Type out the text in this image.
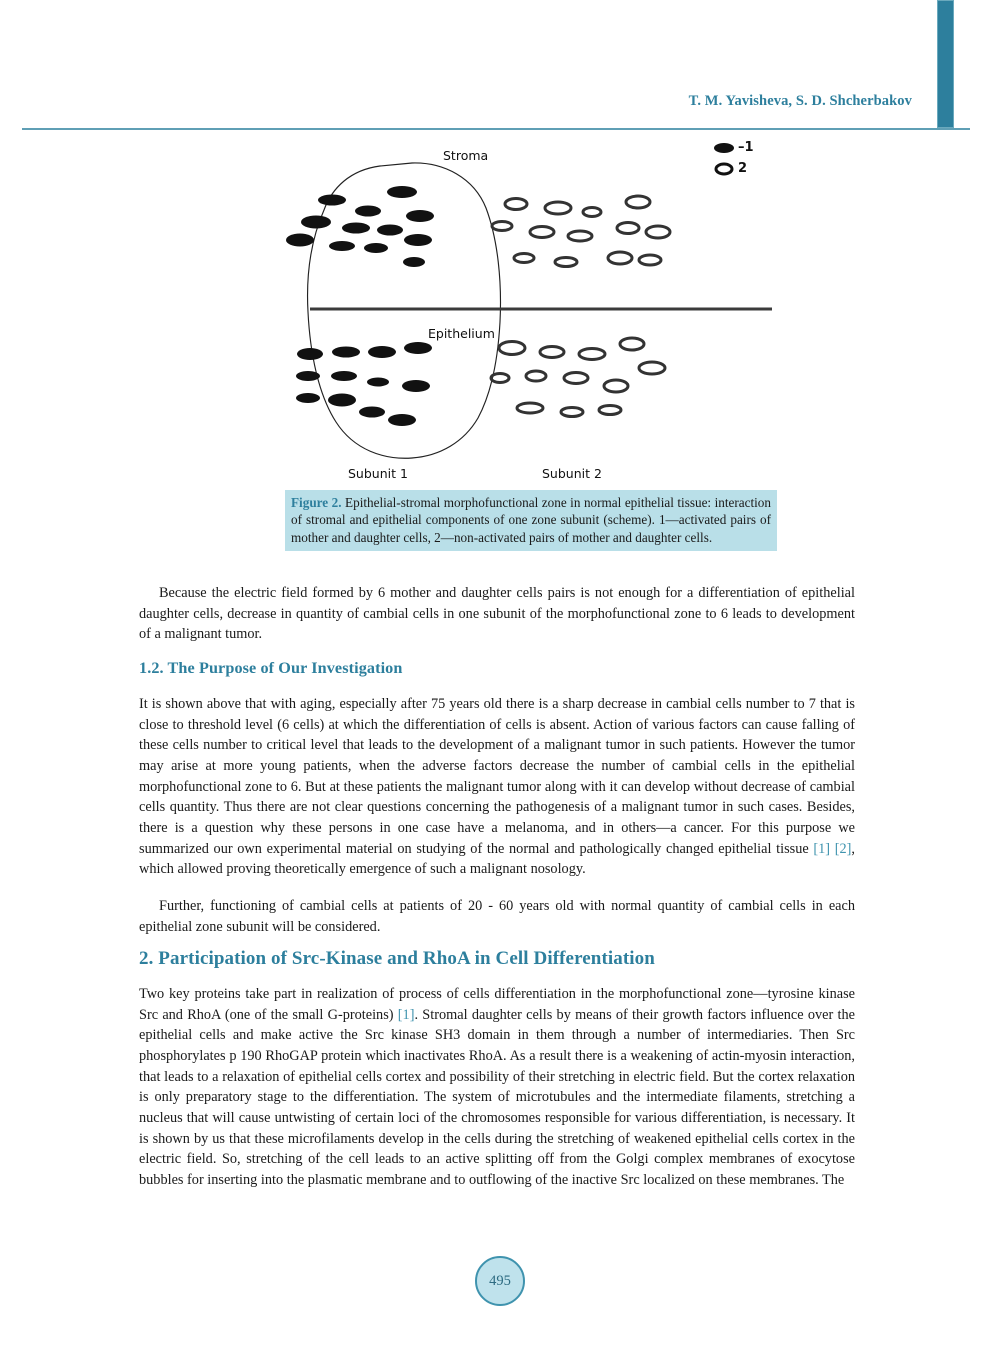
T. M. Yavisheva, S. D. Shcherbakov
Stroma
Epithelium
Subunit 1	Subunit 2
–1
2
Figure 2. Epithelial-stromal morphofunctional zone in normal epithelial tissue: interaction of stromal and epithelial components of one zone subunit (scheme). 1—activated pairs of mother and daughter cells, 2—non-activated pairs of mother and daughter cells.

Because the electric field formed by 6 mother and daughter cells pairs is not enough for a differentiation of epithelial daughter cells, decrease in quantity of cambial cells in one subunit of the morphofunctional zone to 6 leads to development of a malignant tumor.

1.2. The Purpose of Our Investigation

It is shown above that with aging, especially after 75 years old there is a sharp decrease in cambial cells number to 7 that is close to threshold level (6 cells) at which the differentiation of cells is absent. Action of various factors can cause falling of these cells number to critical level that leads to the development of a malignant tumor in such patients. However the tumor may arise at more young patients, when the adverse factors decrease the number of cambial cells in the epithelial morphofunctional zone to 6. But at these patients the malignant tumor along with it can develop without decrease of cambial cells quantity. Thus there are not clear questions concerning the pathogenesis of a malignant tumor in such cases. Besides, there is a question why these persons in one case have a melanoma, and in others—a cancer. For this purpose we summarized our own experimental material on studying of the normal and pathologically changed epithelial tissue [1] [2], which allowed proving theoretically emergence of such a malignant nosology.

Further, functioning of cambial cells at patients of 20 - 60 years old with normal quantity of cambial cells in each epithelial zone subunit will be considered.

2. Participation of Src-Kinase and RhoA in Cell Differentiation

Two key proteins take part in realization of process of cells differentiation in the morphofunctional zone—tyrosine kinase Src and RhoA (one of the small G-proteins) [1]. Stromal daughter cells by means of their growth factors influence over the epithelial cells and make active the Src kinase SH3 domain in them through a number of intermediaries. Then Src phosphorylates p 190 RhoGAP protein which inactivates RhoA. As a result there is a weakening of actin-myosin interaction, that leads to a relaxation of epithelial cells cortex and possibility of their stretching in electric field. But the cortex relaxation is only preparatory stage to the differentiation. The system of microtubules and the intermediate filaments, stretching a nucleus that will cause untwisting of certain loci of the chromosomes responsible for various differentiation, is necessary. It is shown by us that these microfilaments develop in the cells during the stretching of weakened epithelial cells cortex in the electric field. So, stretching of the cell leads to an active splitting off from the Golgi complex membranes of exocytose bubbles for inserting into the plasmatic membrane and to outflowing of the inactive Src localized on these membranes. The

495
